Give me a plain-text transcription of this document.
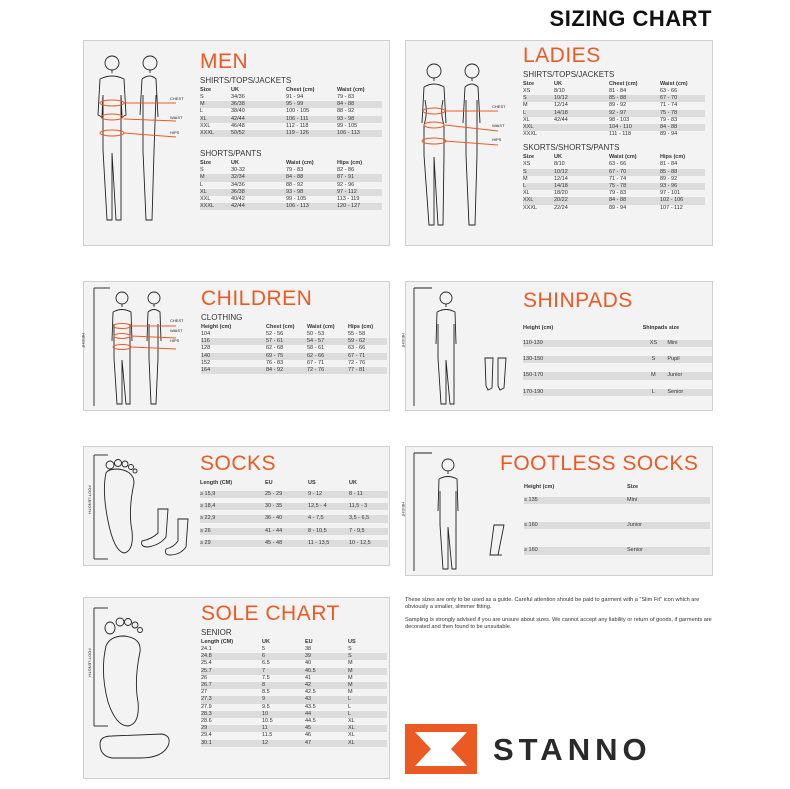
SIZING CHART
CHEST
WAIST
HIPS
MEN
SHIRTS/TOPS/JACKETS
Size	UK	Chest (cm)	Waist (cm)
S	34/36	91 - 94	79 - 83
M	36/38	95 - 99	84 - 88
L	38/40	100 - 105	88 - 92
XL	42/44	106 - 111	93 - 98
XXL	46/48	112 - 118	99 - 105
XXXL	50/52	119 - 126	106 - 113
SHORTS/PANTS
Size	UK	Waist (cm)	Hips (cm)
S	30-32	79 - 83	82 - 86
M	32/34	84 - 88	87 - 91
L	34/36	88 - 92	92 - 96
XL	36/38	93 - 98	97 - 112
XXL	40/42	99 - 105	113 - 119
XXXL	42/44	106 - 113	120 - 127
CHEST
WAIST
HIPS
LADIES
SHIRTS/TOPS/JACKETS
Size	UK	Chest (cm)	Waist (cm)
XS	8/10	81 - 84	63 - 66
S	10/12	85 - 88	67 - 70
M	12/14	89 - 92	71 - 74
L	14/18	92 - 97	75 - 78
XL	42/44	98 - 103	79 - 83
XXL		104 - 110	84 - 88
XXXL		111 - 118	89 - 94
SKORTS/SHORTS/PANTS
Size	UK	Waist (cm)	Hips (cm)
XS	8/10	63 - 66	81 - 84
S	10/12	67 - 70	85 - 88
M	12/14	71 - 74	89 - 92
L	14/18	75 - 78	93 - 96
XL	18/20	79 - 83	97 - 101
XXL	20/22	84 - 88	102 - 106
XXXL	22/24	89 - 94	107 - 112
HEIGHT
CHEST
WAIST
HIPS
CHILDREN
CLOTHING
Height (cm)	Chest (cm)	Waist (cm)	Hips (cm)
104	52 - 56	50 - 53	55 - 58
116	57 - 61	54 - 57	59 - 62
128	62 - 68	58 - 61	63 - 66
140	69 - 75	62 - 66	67 - 71
152	76 - 83	67 - 71	72 - 76
164	84 - 92	72 - 76	77 - 81
HEIGHT
SHINPADS
Height (cm)	Shinpads size	
110-130	XS	Mini

130-150	S	Pupil

150-170	M	Junior

170-190	L	Senior
FOOT LENGTH
SOCKS
Length (CM)	EU	US	UK
≥ 15,9	25 - 29	9 - 12	8 - 11

≥ 18,4	30 - 35	12,5 - 4	11,5 - 3

≥ 22,9	36 - 40	4 - 7,5	3,5 - 6,5

≥ 26	41 - 44	8 - 10,5	7 - 9,5

≥ 29	45 - 48	11 - 13,5	10 - 12,5
HEIGHT
FOOTLESS SOCKS
Height (cm)	Size
≤ 135	Mini

≤ 160	Junior

≥ 160	Senior
FOOT LENGTH
SOLE CHART
SENIOR
Length (CM)	UK	EU	US
24.1	5	38	S
24.8	6	39	S
25.4	6.5	40	M
25.7	7	40.5	M
26	7.5	41	M
26.7	8	42	M
27	8.5	42.5	M
27.3	9	43	L
27.9	9.5	43.5	L
28.3	10	44	L
28.6	10.5	44.5	XL
29	11	45	XL
29.4	11.5	46	XL
30.1	12	47	XL

These sizes are only to be used as a guide. Careful attention should be paid to garment with a "Slim Fit" icon which are obviously a smaller, slimmer fitting.

Sampling is strongly advised if you are unsure about sizes. We cannot accept any liability or return of goods, if garments are decorated and then found to be unsuitable.

STANNO
